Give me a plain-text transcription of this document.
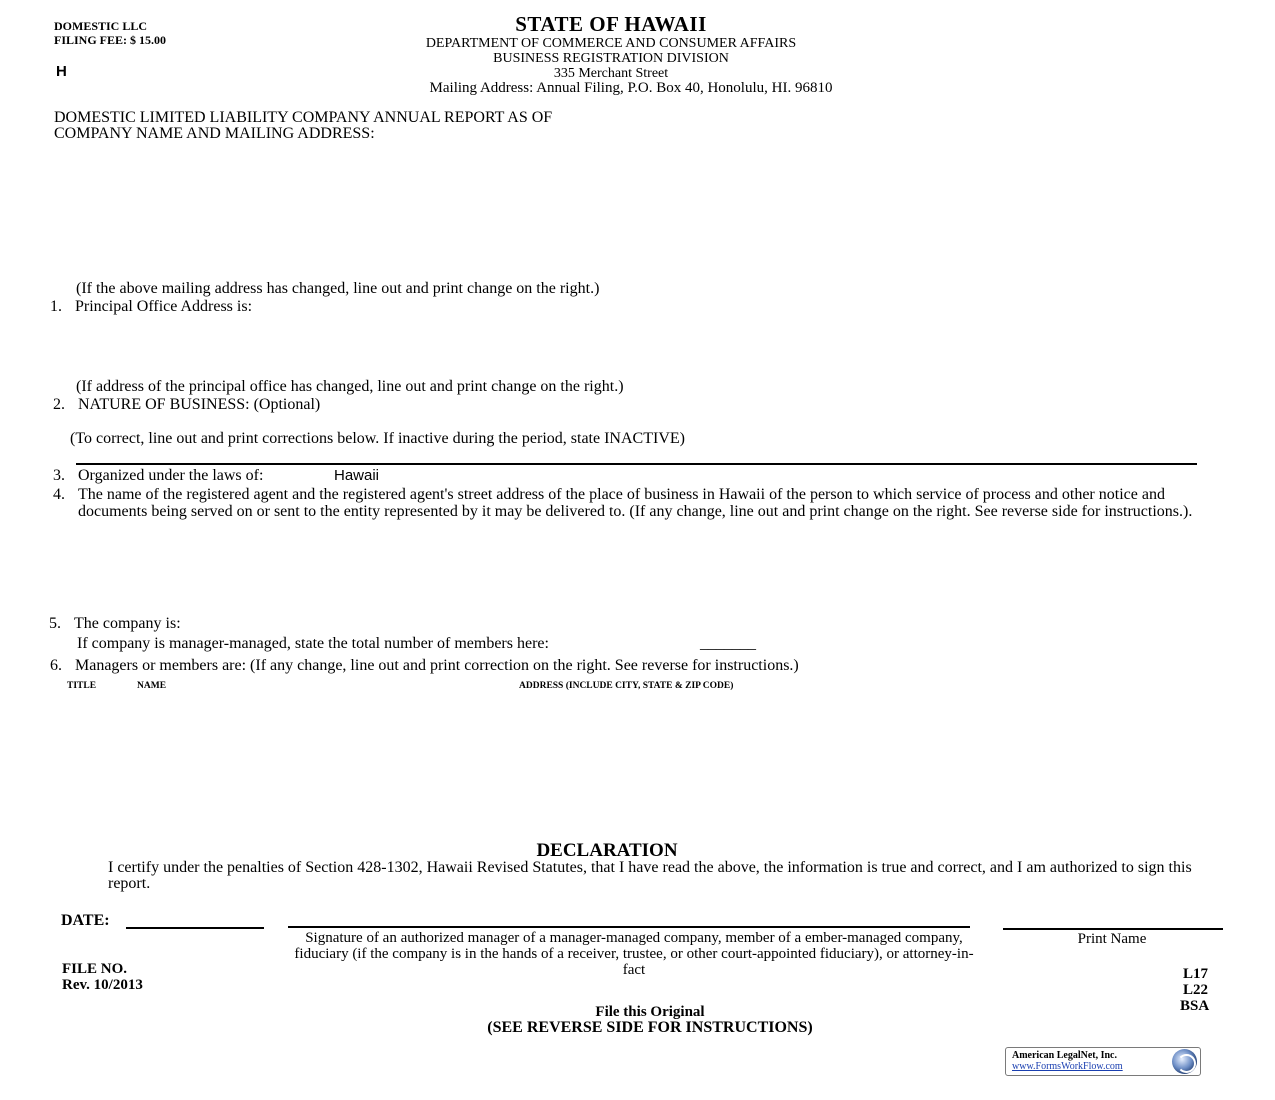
DOMESTIC LLC
FILING FEE: $ 15.00
H
STATE OF HAWAII
DEPARTMENT OF COMMERCE AND CONSUMER AFFAIRS
BUSINESS REGISTRATION DIVISION
335 Merchant Street
Mailing Address: Annual Filing, P.O. Box 40, Honolulu, HI. 96810
DOMESTIC LIMITED LIABILITY COMPANY ANNUAL REPORT AS OF
COMPANY NAME AND MAILING ADDRESS:
(If the above mailing address has changed, line out and print change on the right.)
1. Principal Office Address is:
(If address of the principal office has changed, line out and print change on the right.)
2. NATURE OF BUSINESS: (Optional)
(To correct, line out and print corrections below. If inactive during the period, state INACTIVE)
3. Organized under the laws of:	Hawaii
4. The name of the registered agent and the registered agent's street address of the place of business in Hawaii of the person to which service of process and other notice and documents being served on or sent to the entity represented by it may be delivered to. (If any change, line out and print change on the right. See reverse side for instructions.).
5. The company is:
If company is manager-managed, state the total number of members here:	_______
6. Managers or members are: (If any change, line out and print correction on the right. See reverse for instructions.)
TITLE	NAME	ADDRESS (INCLUDE CITY, STATE & ZIP CODE)
DECLARATION
I certify under the penalties of Section 428-1302, Hawaii Revised Statutes, that I have read the above, the information is true and correct, and I am authorized to sign this report.
DATE:
Signature of an authorized manager of a manager-managed company, member of a ember-managed company, fiduciary (if the company is in the hands of a receiver, trustee, or other court-appointed fiduciary), or attorney-in-fact
Print Name
FILE NO.
Rev. 10/2013
L17
L22
BSA
File this Original
(SEE REVERSE SIDE FOR INSTRUCTIONS)
American LegalNet, Inc.
www.FormsWorkFlow.com
